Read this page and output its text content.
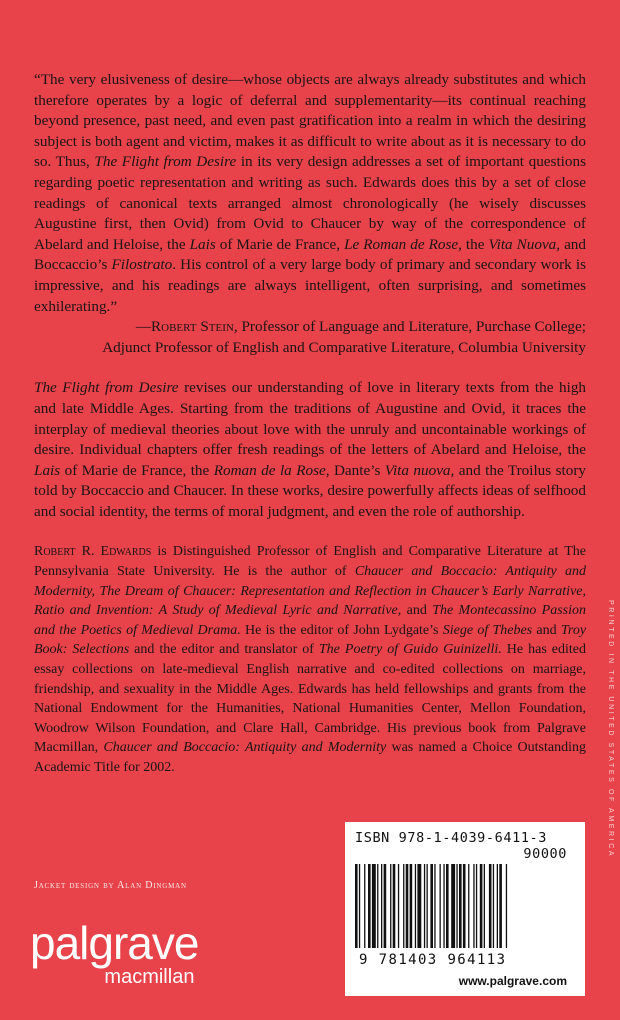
“The very elusiveness of desire—whose objects are always already substitutes and which therefore operates by a logic of deferral and supplementarity—its continual reaching beyond presence, past need, and even past gratification into a realm in which the desiring subject is both agent and victim, makes it as difficult to write about as it is necessary to do so. Thus, The Flight from Desire in its very design addresses a set of important questions regarding poetic representation and writing as such. Edwards does this by a set of close readings of canonical texts arranged almost chronologically (he wisely discusses Augustine first, then Ovid) from Ovid to Chaucer by way of the correspondence of Abelard and Heloise, the Lais of Marie de France, Le Roman de Rose, the Vita Nuova, and Boccaccio’s Filostrato. His control of a very large body of primary and secondary work is impressive, and his readings are always intelligent, often surprising, and sometimes exhilerating.”

—Robert Stein, Professor of Language and Literature, Purchase College;
Adjunct Professor of English and Comparative Literature, Columbia University

The Flight from Desire revises our understanding of love in literary texts from the high and late Middle Ages. Starting from the traditions of Augustine and Ovid, it traces the interplay of medieval theories about love with the unruly and uncontainable workings of desire. Individual chapters offer fresh readings of the letters of Abelard and Heloise, the Lais of Marie de France, the Roman de la Rose, Dante’s Vita nuova, and the Troilus story told by Boccaccio and Chaucer. In these works, desire powerfully affects ideas of selfhood and social identity, the terms of moral judgment, and even the role of authorship.

Robert R. Edwards is Distinguished Professor of English and Comparative Literature at The Pennsylvania State University. He is the author of Chaucer and Boccacio: Antiquity and Modernity, The Dream of Chaucer: Representation and Reflection in Chaucer’s Early Narrative, Ratio and Invention: A Study of Medieval Lyric and Narrative, and The Montecassino Passion and the Poetics of Medieval Drama. He is the editor of John Lydgate’s Siege of Thebes and Troy Book: Selections and the editor and translator of The Poetry of Guido Guinizelli. He has edited essay collections on late-medieval English narrative and co-edited collections on marriage, friendship, and sexuality in the Middle Ages. Edwards has held fellowships and grants from the National Endowment for the Humanities, National Humanities Center, Mellon Foundation, Woodrow Wilson Foundation, and Clare Hall, Cambridge. His previous book from Palgrave Macmillan, Chaucer and Boccacio: Antiquity and Modernity was named a Choice Outstanding Academic Title for 2002.	PRINTED IN THE UNITED STATES OF AMERICA
Jacket design by Alan Dingman
palgrave
macmillan
ISBN 978-1-4039-6411-3
90000
9 781403 964113
www.palgrave.com
